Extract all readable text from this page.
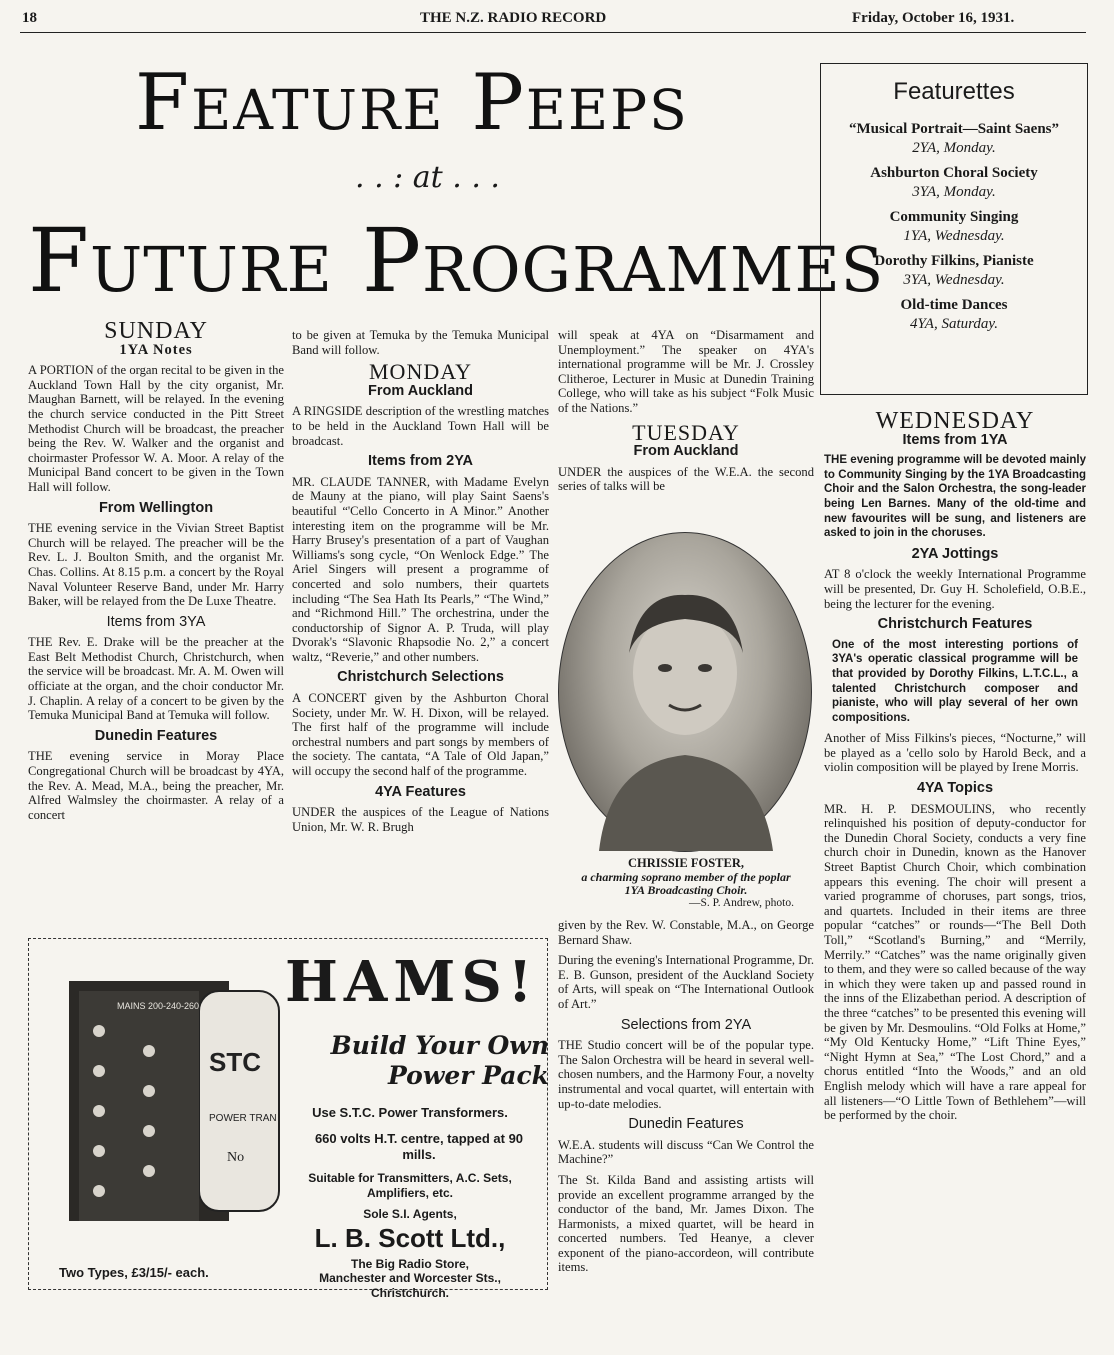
18	THE N.Z. RADIO RECORD	Friday, October 16, 1931.
Feature Peeps
. . : at . . .
Future Programmes
Featurettes
“Musical Portrait—Saint Saens”
2YA, Monday.
Ashburton Choral Society
3YA, Monday.
Community Singing
1YA, Wednesday.
Dorothy Filkins, Pianiste
3YA, Wednesday.
Old-time Dances
4YA, Saturday.
SUNDAY
1YA Notes

A PORTION of the organ recital to be given in the Auckland Town Hall by the city organist, Mr. Maughan Barnett, will be relayed. In the evening the church service conducted in the Pitt Street Methodist Church will be broadcast, the preacher being the Rev. W. Walker and the organist and choirmaster Professor W. A. Moor. A relay of the Municipal Band concert to be given in the Town Hall will follow.

From Wellington

THE evening service in the Vivian Street Baptist Church will be relayed. The preacher will be the Rev. L. J. Boulton Smith, and the organist Mr. Chas. Collins. At 8.15 p.m. a concert by the Royal Naval Volunteer Reserve Band, under Mr. Harry Baker, will be relayed from the De Luxe Theatre.

Items from 3YA

THE Rev. E. Drake will be the preacher at the East Belt Methodist Church, Christchurch, when the service will be broadcast. Mr. A. M. Owen will officiate at the organ, and the choir conductor Mr. J. Chaplin. A relay of a concert to be given by the Temuka Municipal Band at Temuka will follow.

Dunedin Features

THE evening service in Moray Place Congregational Church will be broadcast by 4YA, the Rev. A. Mead, M.A., being the preacher, Mr. Alfred Walmsley the choirmaster. A relay of a concert

to be given at Temuka by the Temuka Municipal Band will follow.

MONDAY
From Auckland

A RINGSIDE description of the wrestling matches to be held in the Auckland Town Hall will be broadcast.

Items from 2YA

MR. CLAUDE TANNER, with Madame Evelyn de Mauny at the piano, will play Saint Saens's beautiful “'Cello Concerto in A Minor.” Another interesting item on the programme will be Mr. Harry Brusey's presentation of a part of Vaughan Williams's song cycle, “On Wenlock Edge.” The Ariel Singers will present a programme of concerted and solo numbers, their quartets including “The Sea Hath Its Pearls,” “The Wind,” and “Richmond Hill.” The orchestrina, under the conductorship of Signor A. P. Truda, will play Dvorak's “Slavonic Rhapsodie No. 2,” a concert waltz, “Reverie,” and other numbers.

Christchurch Selections

A CONCERT given by the Ashburton Choral Society, under Mr. W. H. Dixon, will be relayed. The first half of the programme will include orchestral numbers and part songs by members of the society. The cantata, “A Tale of Old Japan,” will occupy the second half of the programme.

4YA Features

UNDER the auspices of the League of Nations Union, Mr. W. R. Brugh

will speak at 4YA on “Disarmament and Unemployment.” The speaker on 4YA's international programme will be Mr. J. Crossley Clitheroe, Lecturer in Music at Dunedin Training College, who will take as his subject “Folk Music of the Nations.”

TUESDAY
From Auckland

UNDER the auspices of the W.E.A. the second series of talks will be

CHRISSIE FOSTER,
a charming soprano member of the poplar 1YA Broadcasting Choir.
—S. P. Andrew, photo.

given by the Rev. W. Constable, M.A., on George Bernard Shaw.

During the evening's International Programme, Dr. E. B. Gunson, president of the Auckland Society of Arts, will speak on “The International Outlook of Art.”

Selections from 2YA

THE Studio concert will be of the popular type. The Salon Orchestra will be heard in several well-chosen numbers, and the Harmony Four, a novelty instrumental and vocal quartet, will entertain with up-to-date melodies.

Dunedin Features

W.E.A. students will discuss “Can We Control the Machine?”

The St. Kilda Band and assisting artists will provide an excellent programme arranged by the conductor of the band, Mr. James Dixon. The Harmonists, a mixed quartet, will be heard in concerted numbers. Ted Heanye, a clever exponent of the piano-accordeon, will contribute items.

WEDNESDAY
Items from 1YA

THE evening programme will be devoted mainly to Community Singing by the 1YA Broadcasting Choir and the Salon Orchestra, the song-leader being Len Barnes. Many of the old-time and new favourites will be sung, and listeners are asked to join in the choruses.

2YA Jottings

AT 8 o'clock the weekly International Programme will be presented, Dr. Guy H. Scholefield, O.B.E., being the lecturer for the evening.

Christchurch Features

One of the most interesting portions of 3YA's operatic classical programme will be that provided by Dorothy Filkins, L.T.C.L., a talented Christchurch composer and pianiste, who will play several of her own compositions.

Another of Miss Filkins's pieces, “Nocturne,” will be played as a 'cello solo by Harold Beck, and a violin composition will be played by Irene Morris.

4YA Topics

MR. H. P. DESMOULINS, who recently relinquished his position of deputy-conductor for the Dunedin Choral Society, conducts a very fine church choir in Dunedin, known as the Hanover Street Baptist Church Choir, which combination appears this evening. The choir will present a varied programme of choruses, part songs, trios, and quartets. Included in their items are three popular “catches” or rounds—“The Bell Doth Toll,” “Scotland's Burning,” and “Merrily, Merrily.” “Catches” was the name originally given to them, and they were so called because of the way in which they were taken up and passed round in the inns of the Elizabethan period. A description of the three “catches” to be presented this evening will be given by Mr. Desmoulins. “Old Folks at Home,” “My Old Kentucky Home,” “Lift Thine Eyes,” “Night Hymn at Sea,” “The Lost Chord,” and a chorus entitled “Into the Woods,” and an old English melody which will have a rare appeal for all listeners—“O Little Town of Bethlehem”—will be performed by the choir.

MAINS 200-240-260
STC
POWER TRAN
No
Two Types, £3/15/- each.
HAMS!
Build Your Own
Power Pack
Use S.T.C. Power Transformers.
660 volts H.T. centre, tapped at 90 mills.
Suitable for Transmitters, A.C. Sets, Amplifiers, etc.
Sole S.I. Agents,
L. B. Scott Ltd.,
The Big Radio Store,
Manchester and Worcester Sts.,
Christchurch.
